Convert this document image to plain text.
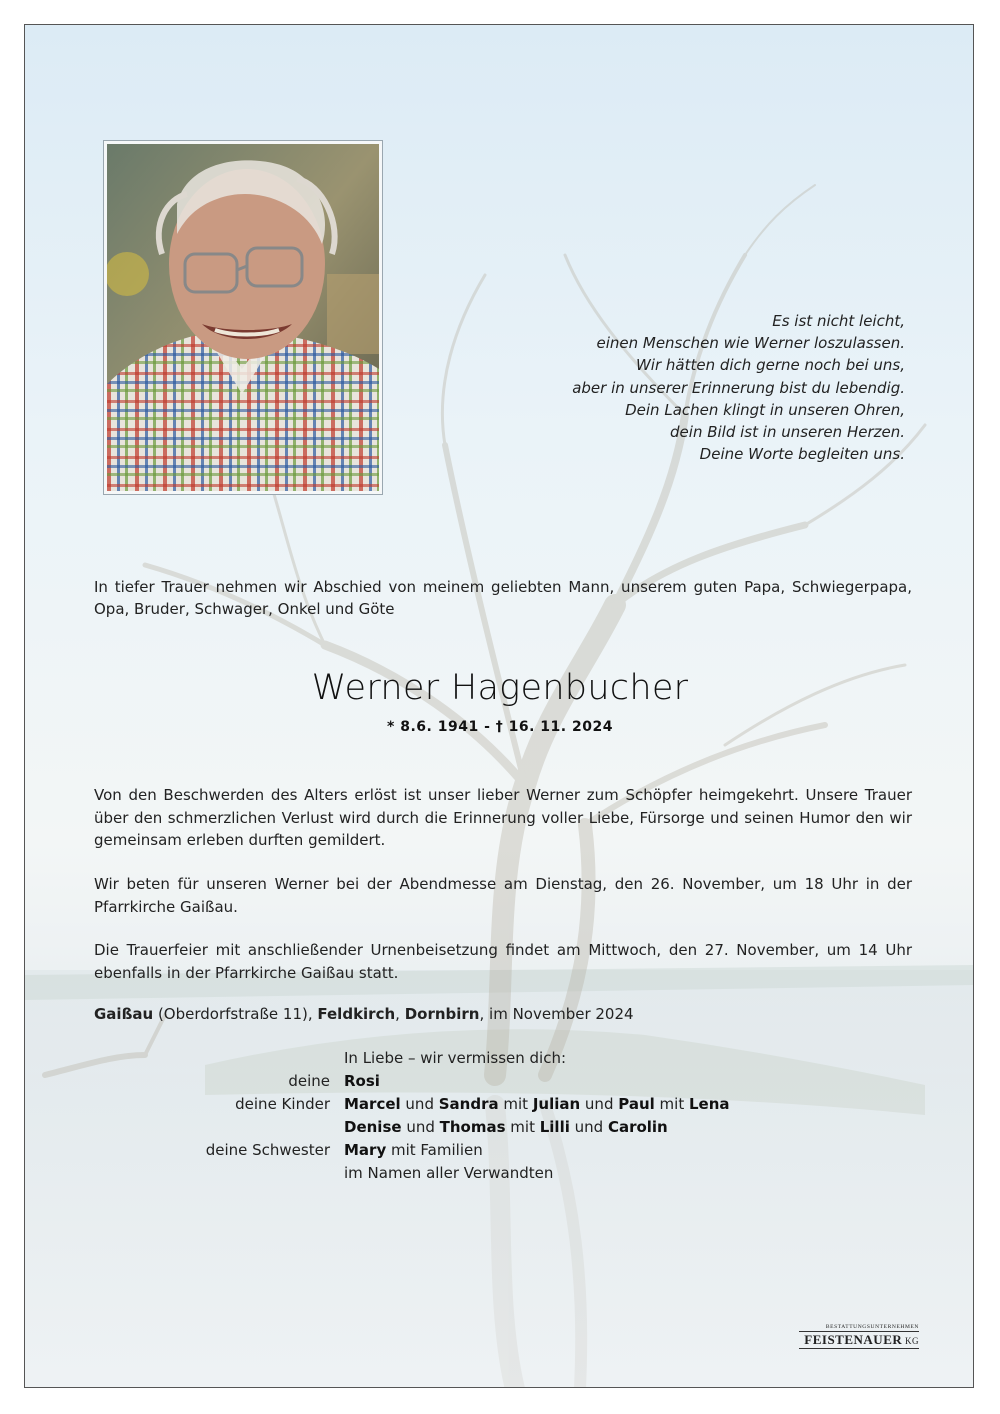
Es ist nicht leicht,
einen Menschen wie Werner loszulassen.
Wir hätten dich gerne noch bei uns,
aber in unserer Erinnerung bist du lebendig.
Dein Lachen klingt in unseren Ohren,
dein Bild ist in unseren Herzen.
Deine Worte begleiten uns.
In tiefer Trauer nehmen wir Abschied von meinem geliebten Mann, unserem guten Papa, Schwiegerpapa, Opa, Bruder, Schwager, Onkel und Göte
Werner Hagenbucher
* 8.6. 1941 - † 16. 11. 2024
Von den Beschwerden des Alters erlöst ist unser lieber Werner zum Schöpfer heimgekehrt. Unsere Trauer über den schmerzlichen Verlust wird durch die Erinnerung voller Liebe, Fürsorge und seinen Humor den wir gemeinsam erleben durften gemildert.
Wir beten für unseren Werner bei der Abendmesse am Dienstag, den 26. November, um 18 Uhr in der Pfarrkirche Gaißau.
Die Trauerfeier mit anschließender Urnenbeisetzung findet am Mittwoch, den 27. November, um 14 Uhr ebenfalls in der Pfarrkirche Gaißau statt.
Gaißau (Oberdorfstraße 11), Feldkirch, Dornbirn, im November 2024
In Liebe – wir vermissen dich:
deine Rosi
deine Kinder Marcel und Sandra mit Julian und Paul mit Lena
Denise und Thomas mit Lilli und Carolin
deine Schwester Mary mit Familien
im Namen aller Verwandten
BESTATTUNGSUNTERNEHMEN
FEISTENAUER KG
